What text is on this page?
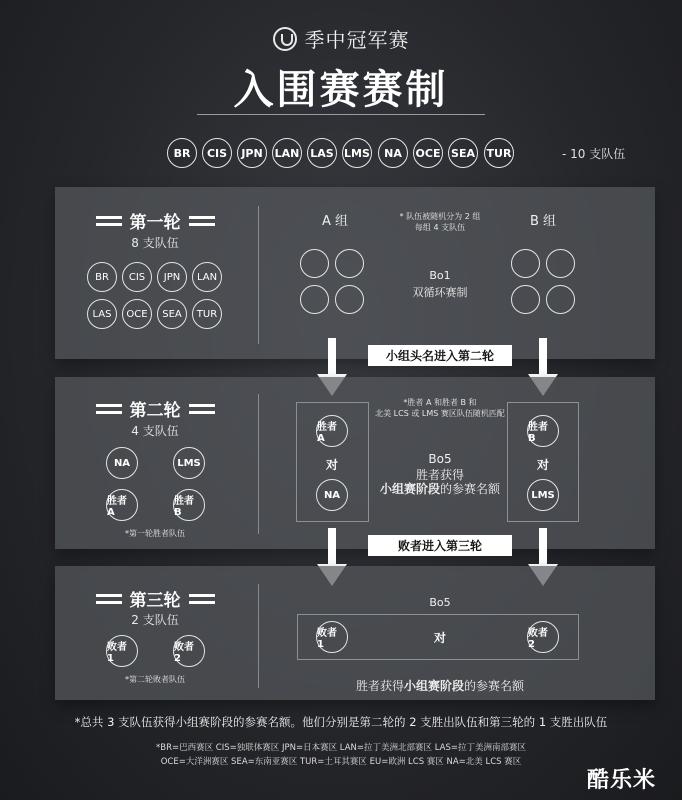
季中冠军赛
入围赛赛制
BR	CIS	JPN	LAN LAS LMS	NA	OCE SEA TUR	- 10 支队伍
第一轮
8 支队伍
BR	CIS	JPN	LAN
LAS	OCE	SEA	TUR
A 组	B 组
* 队伍被随机分为 2 组
每组 4 支队伍
Bo1
双循环赛制
小组头名进入第二轮
第二轮
4 支队伍
NA	LMS
胜者 A
胜者 B
*第一轮胜者队伍
*胜者 A 和胜者 B 和
北美 LCS 或 LMS 赛区队伍随机匹配
胜者 A
对
NA
胜者 B
对
LMS
Bo5
胜者获得
小组赛阶段的参赛名额
败者进入第三轮
第三轮
2 支队伍
败者 1
败者 2
*第二轮败者队伍
Bo5
败者 1	对	败者 2
胜者获得小组赛阶段的参赛名额
*总共 3 支队伍获得小组赛阶段的参赛名额。他们分别是第二轮的 2 支胜出队伍和第三轮的 1 支胜出队伍
*BR=巴西赛区 CIS=独联体赛区 JPN=日本赛区 LAN=拉丁美洲北部赛区 LAS=拉丁美洲南部赛区
OCE=大洋洲赛区 SEA=东南亚赛区 TUR=土耳其赛区 EU=欧洲 LCS 赛区 NA=北美 LCS 赛区
酷乐米
